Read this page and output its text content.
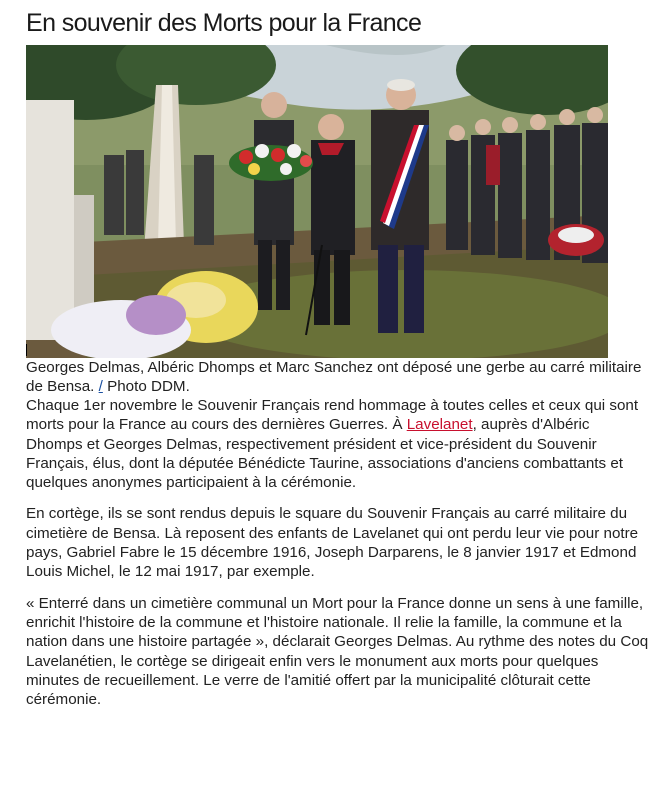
En souvenir des Morts pour la France

Georges Delmas, Albéric Dhomps et Marc Sanchez ont déposé une gerbe au carré militaire de Bensa. / Photo DDM.

Chaque 1er novembre le Souvenir Français rend hommage à toutes celles et ceux qui sont morts pour la France au cours des dernières Guerres. À Lavelanet, auprès d'Albéric Dhomps et Georges Delmas, respectivement président et vice-président du Souvenir Français, élus, dont la députée Bénédicte Taurine, associations d'anciens combattants et quelques anonymes participaient à la cérémonie.

En cortège, ils se sont rendus depuis le square du Souvenir Français au carré militaire du cimetière de Bensa. Là reposent des enfants de Lavelanet qui ont perdu leur vie pour notre pays, Gabriel Fabre le 15 décembre 1916, Joseph Darparens, le 8 janvier 1917 et Edmond Louis Michel, le 12 mai 1917, par exemple.

« Enterré dans un cimetière communal un Mort pour la France donne un sens à une famille, enrichit l'histoire de la commune et l'histoire nationale. Il relie la famille, la commune et la nation dans une histoire partagée », déclarait Georges Delmas. Au rythme des notes du Coq Lavelanétien, le cortège se dirigeait enfin vers le monument aux morts pour quelques minutes de recueillement. Le verre de l'amitié offert par la municipalité clôturait cette cérémonie.
